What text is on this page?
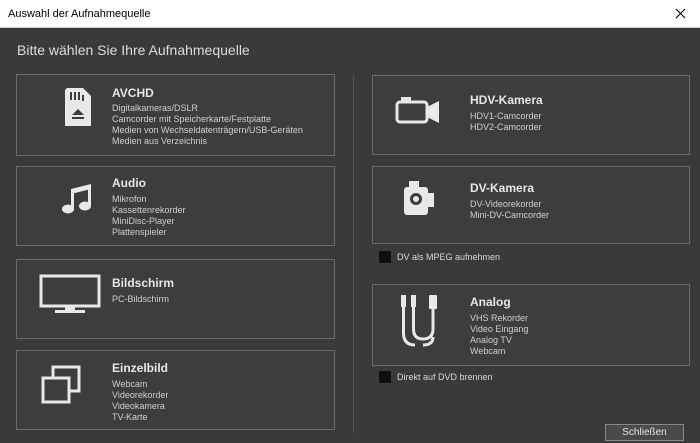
Auswahl der Aufnahmequelle
Bitte wählen Sie Ihre Aufnahmequelle
AVCHD
Digitalkameras/DSLR
Camcorder mit Speicherkarte/Festplatte
Medien von Wechseldatenträgern/USB-Geräten
Medien aus Verzeichnis
Audio
Mikrofon
Kassettenrekorder
MiniDisc-Player
Plattenspieler
Bildschirm
PC-Bildschirm
Einzelbild
Webcam
Videorekorder
Videokamera
TV-Karte
HDV-Kamera
HDV1-Camcorder
HDV2-Camcorder
DV-Kamera
DV-Videorekorder
Mini-DV-Camcorder
DV als MPEG aufnehmen
Analog
VHS Rekorder
Video Eingang
Analog TV
Webcam
Direkt auf DVD brennen
Schließen
